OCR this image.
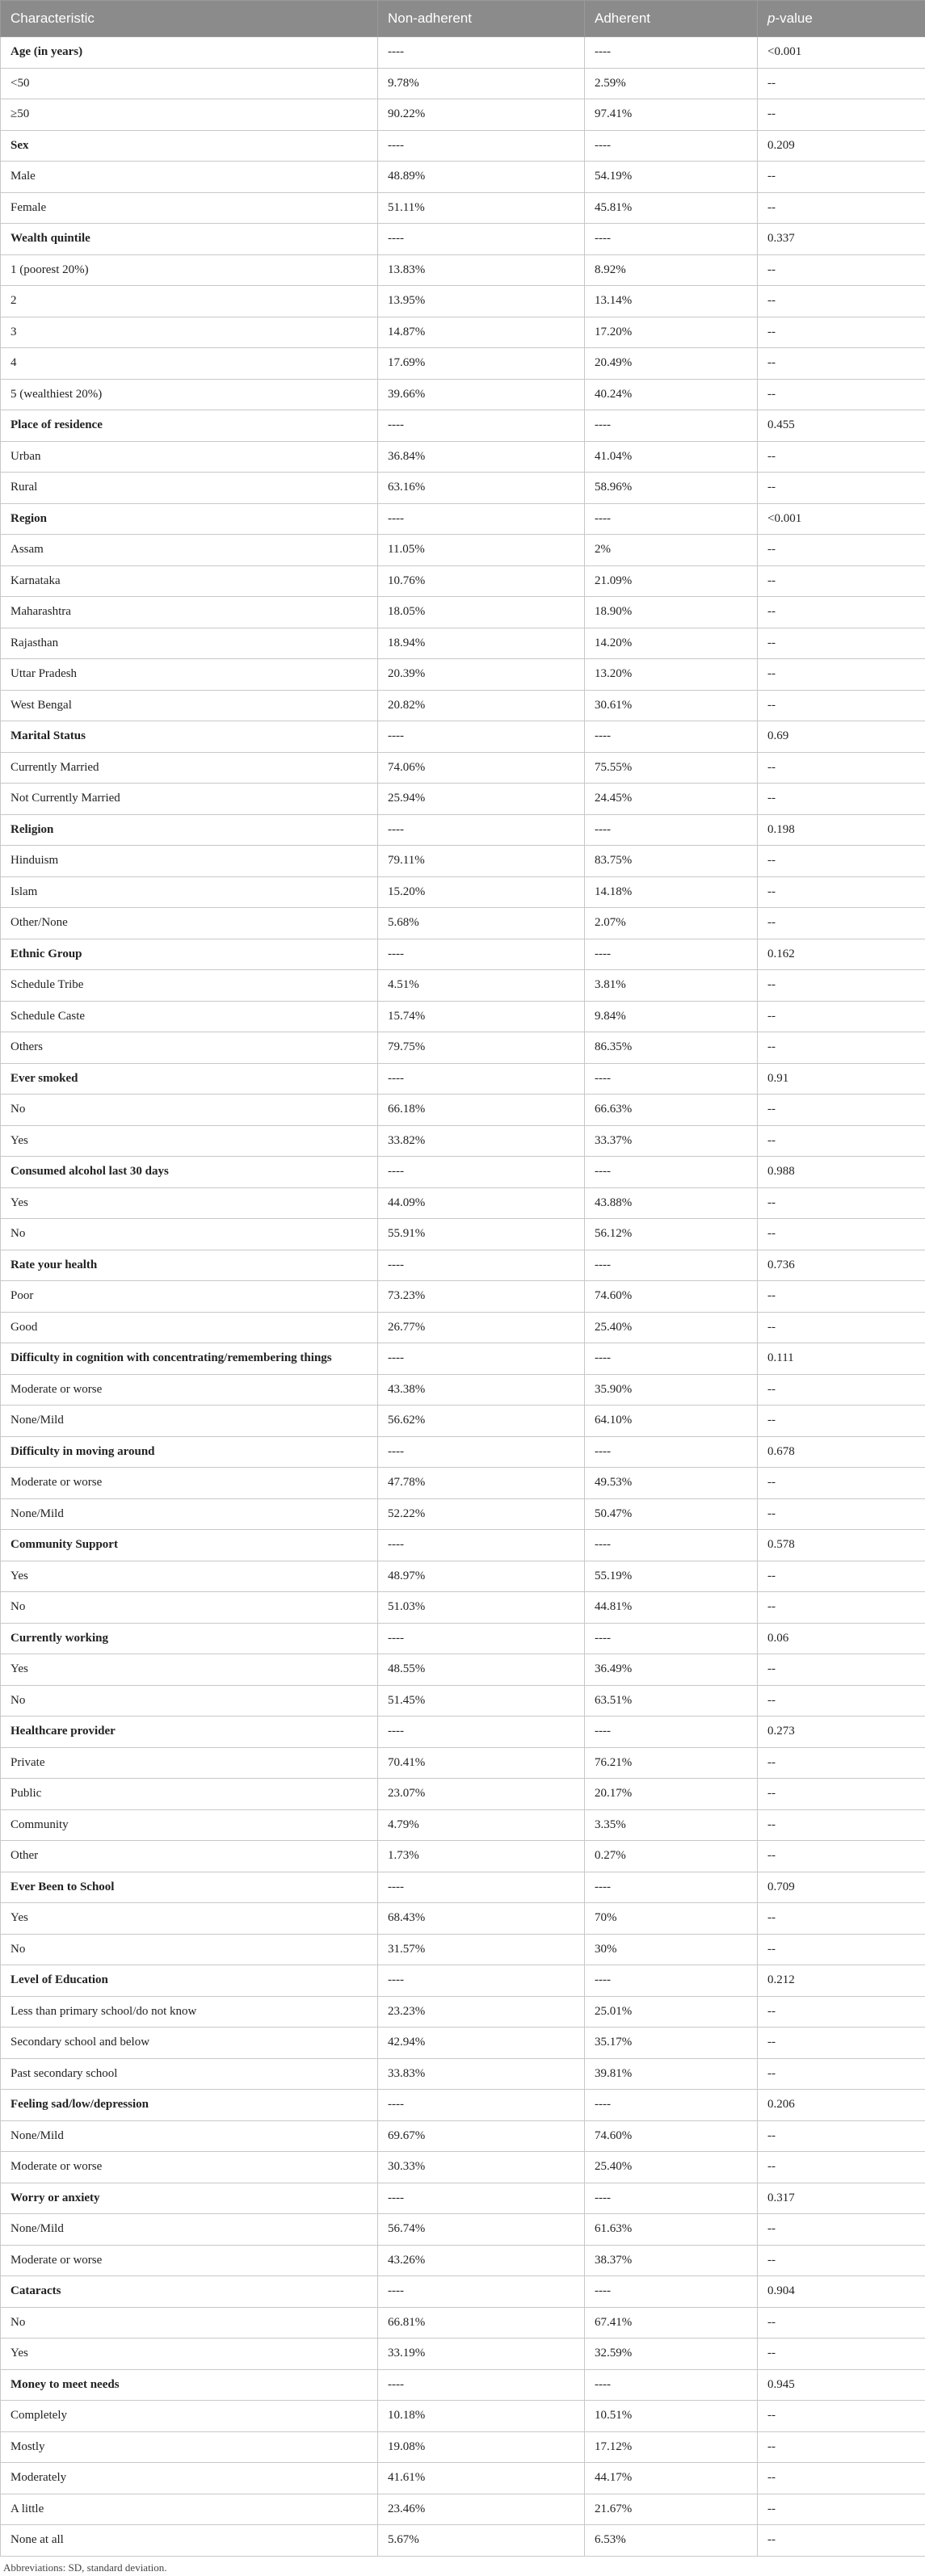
Characteristic	Non-adherent	Adherent	p-value
Age (in years)	----	----	<0.001
<50	9.78%	2.59%	--
≥50	90.22%	97.41%	--
Sex	----	----	0.209
Male	48.89%	54.19%	--
Female	51.11%	45.81%	--
Wealth quintile	----	----	0.337
1 (poorest 20%)	13.83%	8.92%	--
2	13.95%	13.14%	--
3	14.87%	17.20%	--
4	17.69%	20.49%	--
5 (wealthiest 20%)	39.66%	40.24%	--
Place of residence	----	----	0.455
Urban	36.84%	41.04%	--
Rural	63.16%	58.96%	--
Region	----	----	<0.001
Assam	11.05%	2%	--
Karnataka	10.76%	21.09%	--
Maharashtra	18.05%	18.90%	--
Rajasthan	18.94%	14.20%	--
Uttar Pradesh	20.39%	13.20%	--
West Bengal	20.82%	30.61%	--
Marital Status	----	----	0.69
Currently Married	74.06%	75.55%	--
Not Currently Married	25.94%	24.45%	--
Religion	----	----	0.198
Hinduism	79.11%	83.75%	--
Islam	15.20%	14.18%	--
Other/None	5.68%	2.07%	--
Ethnic Group	----	----	0.162
Schedule Tribe	4.51%	3.81%	--
Schedule Caste	15.74%	9.84%	--
Others	79.75%	86.35%	--
Ever smoked	----	----	0.91
No	66.18%	66.63%	--
Yes	33.82%	33.37%	--
Consumed alcohol last 30 days	----	----	0.988
Yes	44.09%	43.88%	--
No	55.91%	56.12%	--
Rate your health	----	----	0.736
Poor	73.23%	74.60%	--
Good	26.77%	25.40%	--
Difficulty in cognition with concentrating/remembering things	----	----	0.111
Moderate or worse	43.38%	35.90%	--
None/Mild	56.62%	64.10%	--
Difficulty in moving around	----	----	0.678
Moderate or worse	47.78%	49.53%	--
None/Mild	52.22%	50.47%	--
Community Support	----	----	0.578
Yes	48.97%	55.19%	--
No	51.03%	44.81%	--
Currently working	----	----	0.06
Yes	48.55%	36.49%	--
No	51.45%	63.51%	--
Healthcare provider	----	----	0.273
Private	70.41%	76.21%	--
Public	23.07%	20.17%	--
Community	4.79%	3.35%	--
Other	1.73%	0.27%	--
Ever Been to School	----	----	0.709
Yes	68.43%	70%	--
No	31.57%	30%	--
Level of Education	----	----	0.212
Less than primary school/do not know	23.23%	25.01%	--
Secondary school and below	42.94%	35.17%	--
Past secondary school	33.83%	39.81%	--
Feeling sad/low/depression	----	----	0.206
None/Mild	69.67%	74.60%	--
Moderate or worse	30.33%	25.40%	--
Worry or anxiety	----	----	0.317
None/Mild	56.74%	61.63%	--
Moderate or worse	43.26%	38.37%	--
Cataracts	----	----	0.904
No	66.81%	67.41%	--
Yes	33.19%	32.59%	--
Money to meet needs	----	----	0.945
Completely	10.18%	10.51%	--
Mostly	19.08%	17.12%	--
Moderately	41.61%	44.17%	--
A little	23.46%	21.67%	--
None at all	5.67%	6.53%	--
Abbreviations: SD, standard deviation.
